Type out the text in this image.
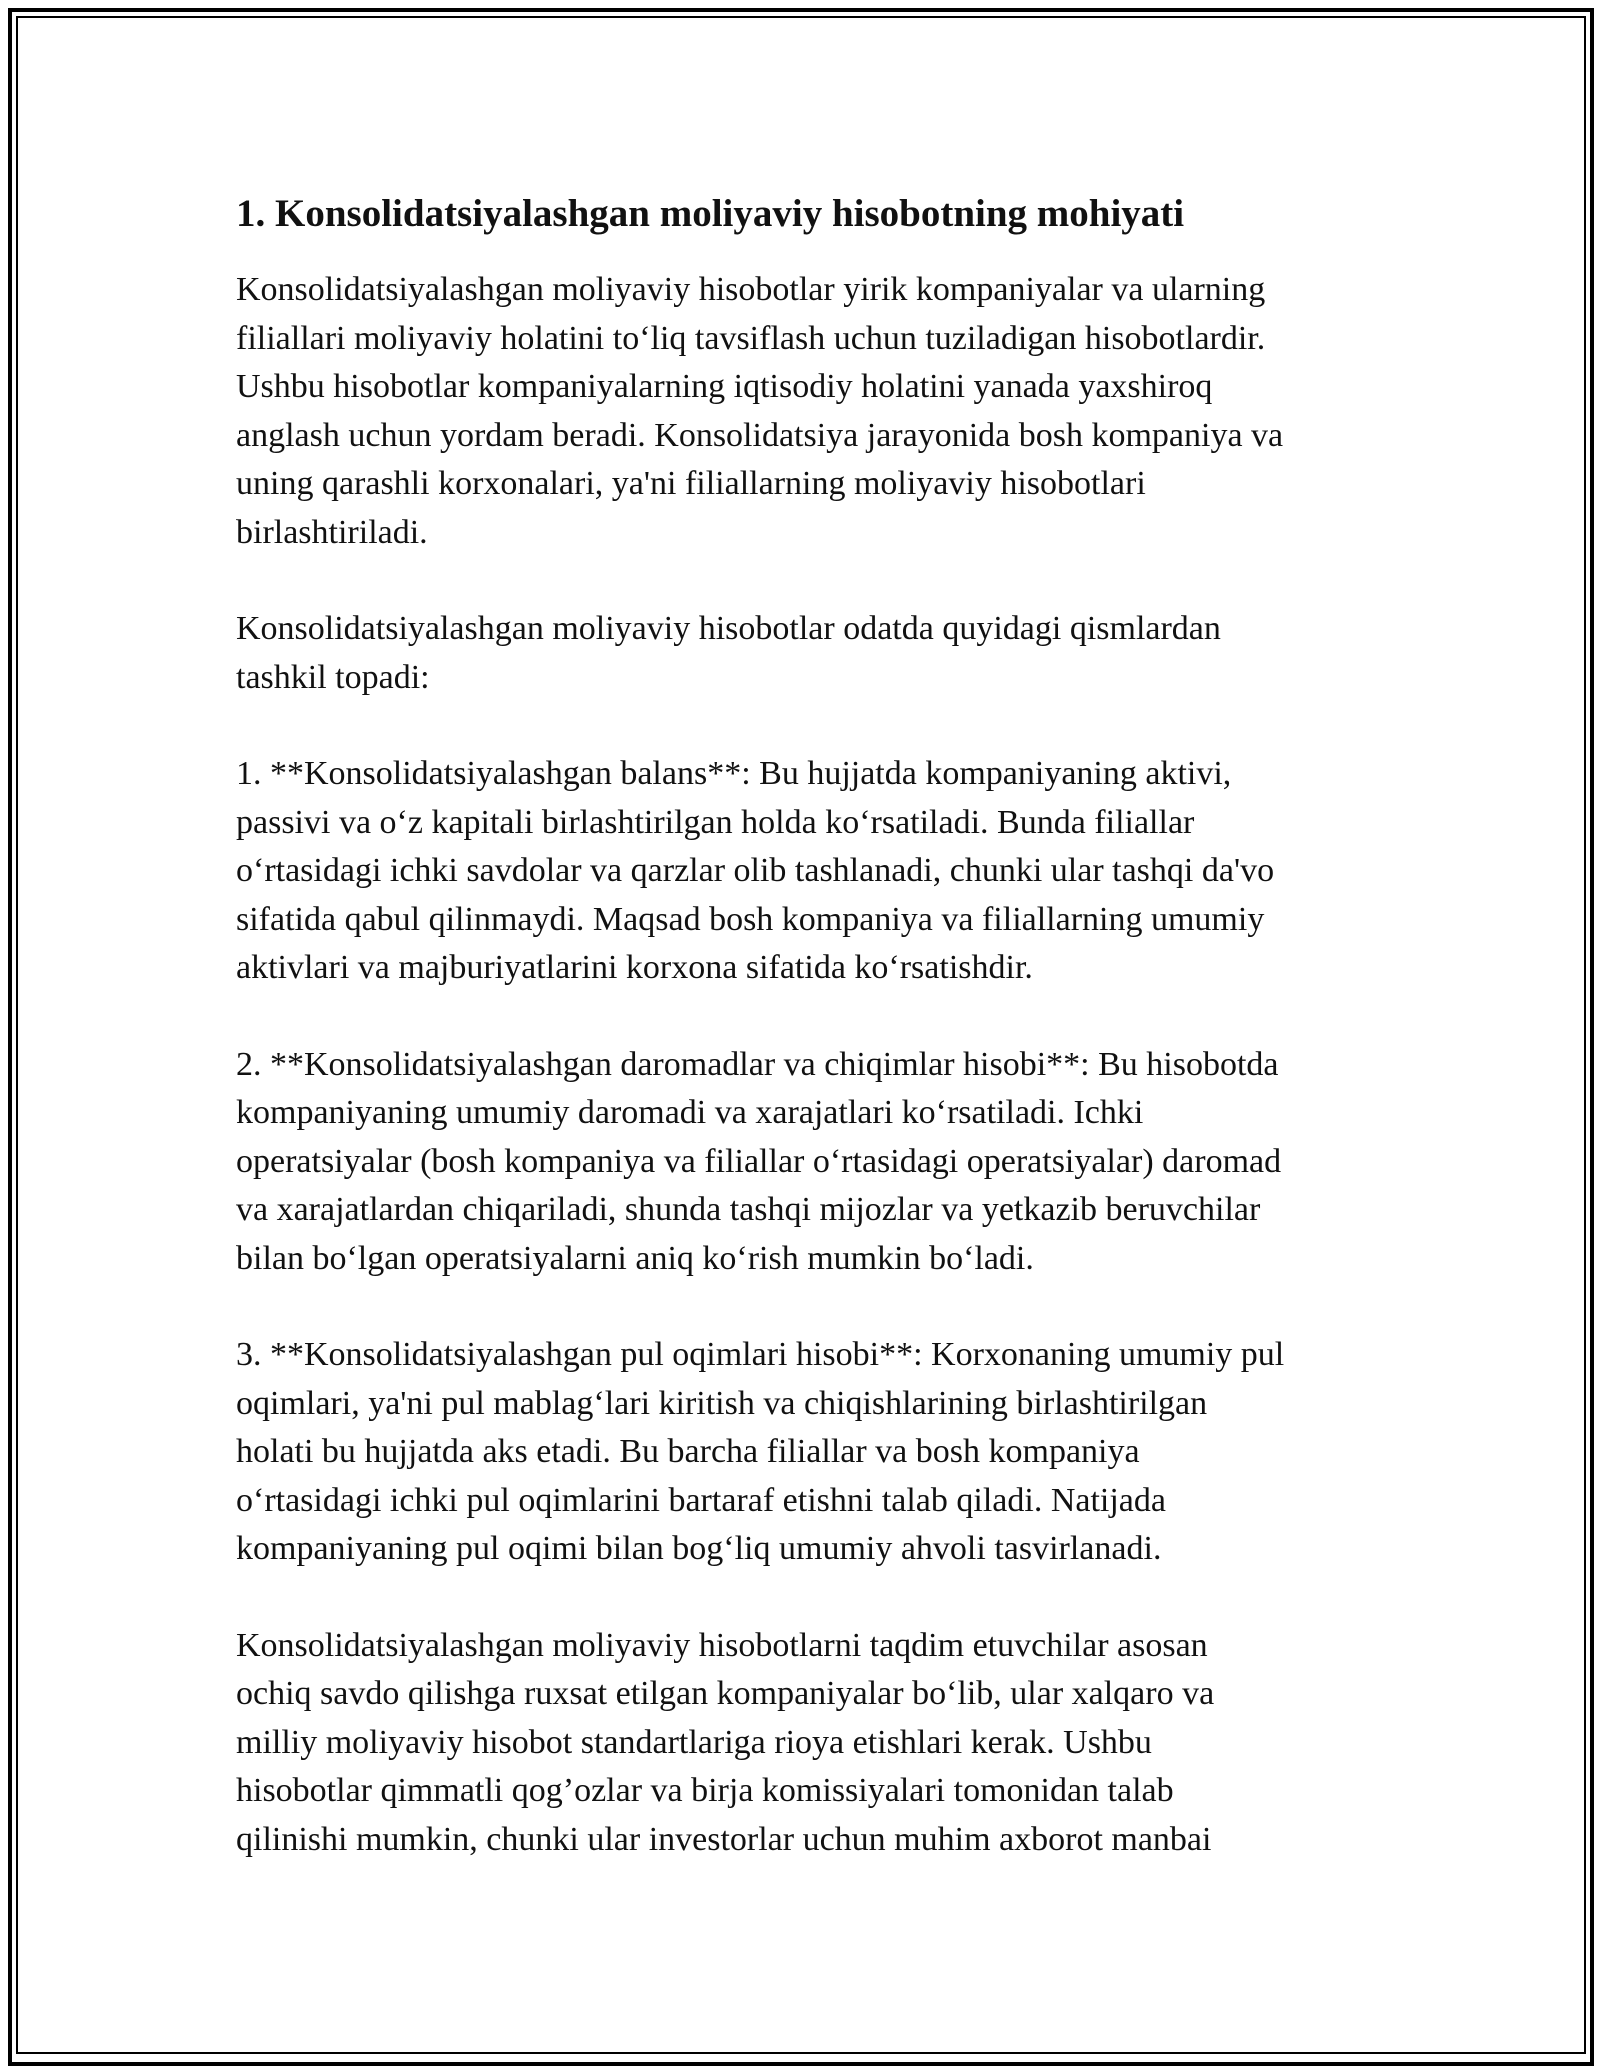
1. Konsolidatsiyalashgan moliyaviy hisobotning mohiyati

Konsolidatsiyalashgan moliyaviy hisobotlar yirik kompaniyalar va ularning
filiallari moliyaviy holatini to‘liq tavsiflash uchun tuziladigan hisobotlardir.
Ushbu hisobotlar kompaniyalarning iqtisodiy holatini yanada yaxshiroq
anglash uchun yordam beradi. Konsolidatsiya jarayonida bosh kompaniya va
uning qarashli korxonalari, ya'ni filiallarning moliyaviy hisobotlari
birlashtiriladi.

Konsolidatsiyalashgan moliyaviy hisobotlar odatda quyidagi qismlardan
tashkil topadi:

1. **Konsolidatsiyalashgan balans**: Bu hujjatda kompaniyaning aktivi,
passivi va o‘z kapitali birlashtirilgan holda ko‘rsatiladi. Bunda filiallar
o‘rtasidagi ichki savdolar va qarzlar olib tashlanadi, chunki ular tashqi da'vo
sifatida qabul qilinmaydi. Maqsad bosh kompaniya va filiallarning umumiy
aktivlari va majburiyatlarini korxona sifatida ko‘rsatishdir.

2. **Konsolidatsiyalashgan daromadlar va chiqimlar hisobi**: Bu hisobotda
kompaniyaning umumiy daromadi va xarajatlari ko‘rsatiladi. Ichki
operatsiyalar (bosh kompaniya va filiallar o‘rtasidagi operatsiyalar) daromad
va xarajatlardan chiqariladi, shunda tashqi mijozlar va yetkazib beruvchilar
bilan bo‘lgan operatsiyalarni aniq ko‘rish mumkin bo‘ladi.

3. **Konsolidatsiyalashgan pul oqimlari hisobi**: Korxonaning umumiy pul
oqimlari, ya'ni pul mablag‘lari kiritish va chiqishlarining birlashtirilgan
holati bu hujjatda aks etadi. Bu barcha filiallar va bosh kompaniya
o‘rtasidagi ichki pul oqimlarini bartaraf etishni talab qiladi. Natijada
kompaniyaning pul oqimi bilan bog‘liq umumiy ahvoli tasvirlanadi.

Konsolidatsiyalashgan moliyaviy hisobotlarni taqdim etuvchilar asosan
ochiq savdo qilishga ruxsat etilgan kompaniyalar bo‘lib, ular xalqaro va
milliy moliyaviy hisobot standartlariga rioya etishlari kerak. Ushbu
hisobotlar qimmatli qog’ozlar va birja komissiyalari tomonidan talab
qilinishi mumkin, chunki ular investorlar uchun muhim axborot manbai
